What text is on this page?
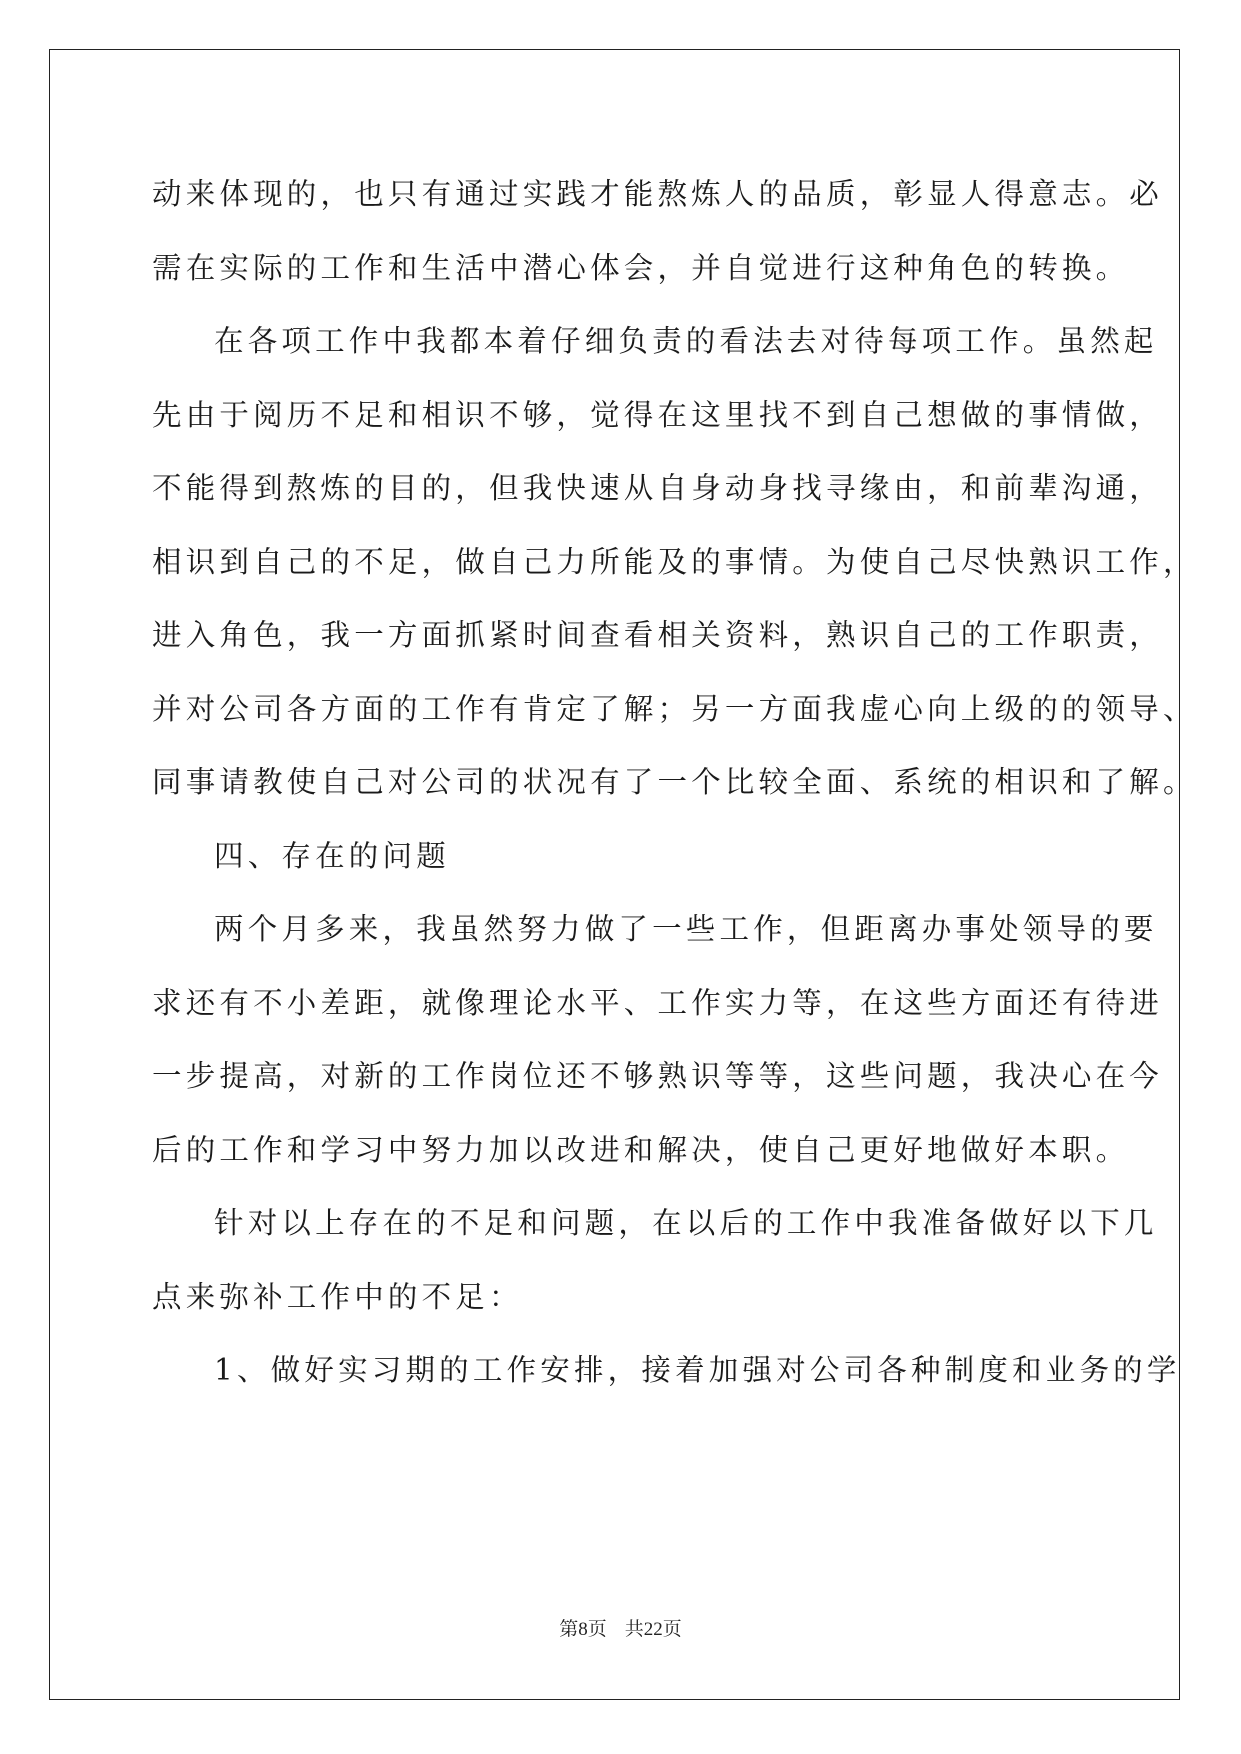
动来体现的，也只有通过实践才能熬炼人的品质，彰显人得意志。必
需在实际的工作和生活中潜心体会，并自觉进行这种角色的转换。
在各项工作中我都本着仔细负责的看法去对待每项工作。虽然起
先由于阅历不足和相识不够，觉得在这里找不到自己想做的事情做，
不能得到熬炼的目的，但我快速从自身动身找寻缘由，和前辈沟通，
相识到自己的不足，做自己力所能及的事情。为使自己尽快熟识工作，
进入角色，我一方面抓紧时间查看相关资料，熟识自己的工作职责，
并对公司各方面的工作有肯定了解；另一方面我虚心向上级的的领导、
同事请教使自己对公司的状况有了一个比较全面、系统的相识和了解。
四、存在的问题
两个月多来，我虽然努力做了一些工作，但距离办事处领导的要
求还有不小差距，就像理论水平、工作实力等，在这些方面还有待进
一步提高，对新的工作岗位还不够熟识等等，这些问题，我决心在今
后的工作和学习中努力加以改进和解决，使自己更好地做好本职。
针对以上存在的不足和问题，在以后的工作中我准备做好以下几
点来弥补工作中的不足：
1、做好实习期的工作安排，接着加强对公司各种制度和业务的学
第8页 共22页
